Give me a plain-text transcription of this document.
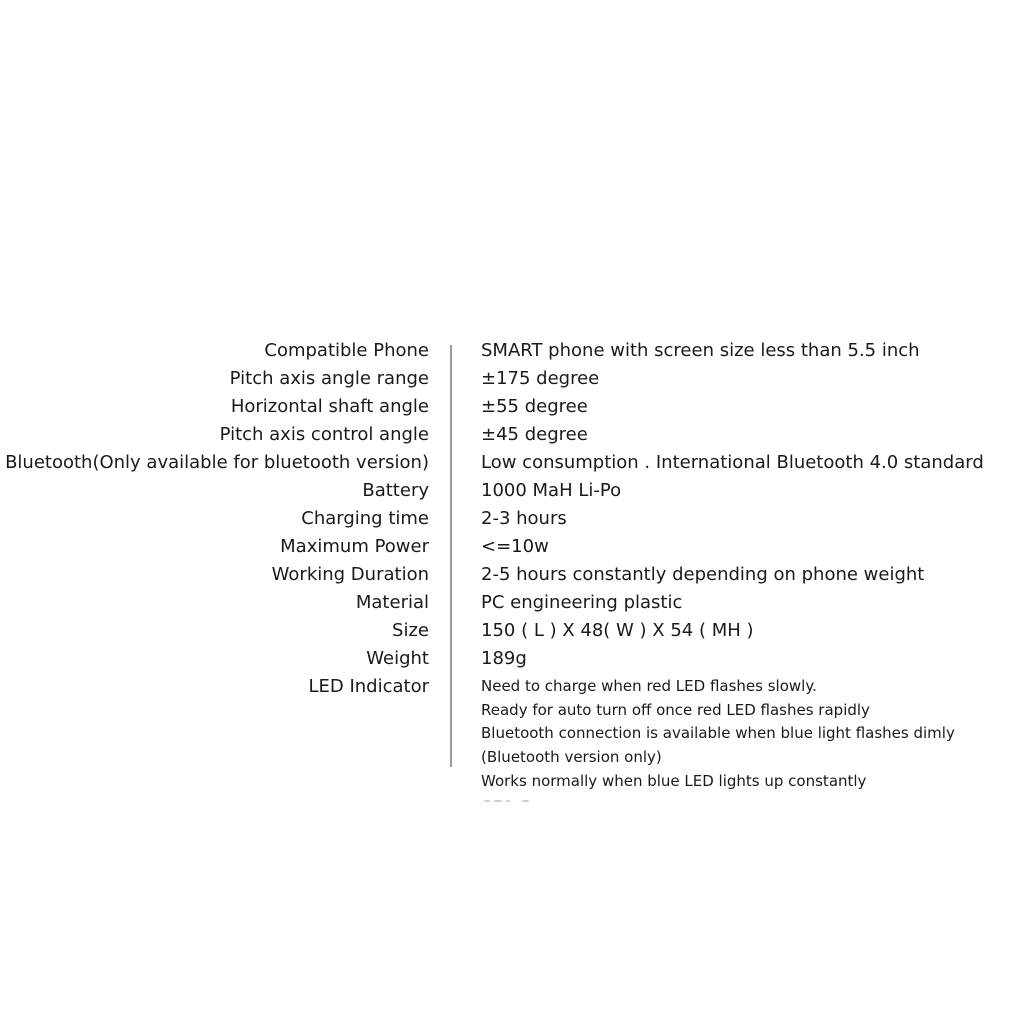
Compatible Phone	SMART phone with screen size less than 5.5 inch
Pitch axis angle range	±175 degree
Horizontal shaft angle	±55 degree
Pitch axis control angle	±45 degree
Bluetooth(Only available for bluetooth version)	Low consumption . International Bluetooth 4.0 standard
Battery	1000 MaH Li-Po
Charging time	2-3 hours
Maximum Power	<=10w
Working Duration	2-5 hours constantly depending on phone weight
Material	PC engineering plastic
Size	150 ( L ) X 48( W ) X 54 ( MH )
Weight	189g
LED Indicator	Need to charge when red LED flashes slowly.
Ready for auto turn off once red LED flashes rapidly
Bluetooth connection is available when blue light flashes dimly
(Bluetooth version only)
Works normally when blue LED lights up constantly
